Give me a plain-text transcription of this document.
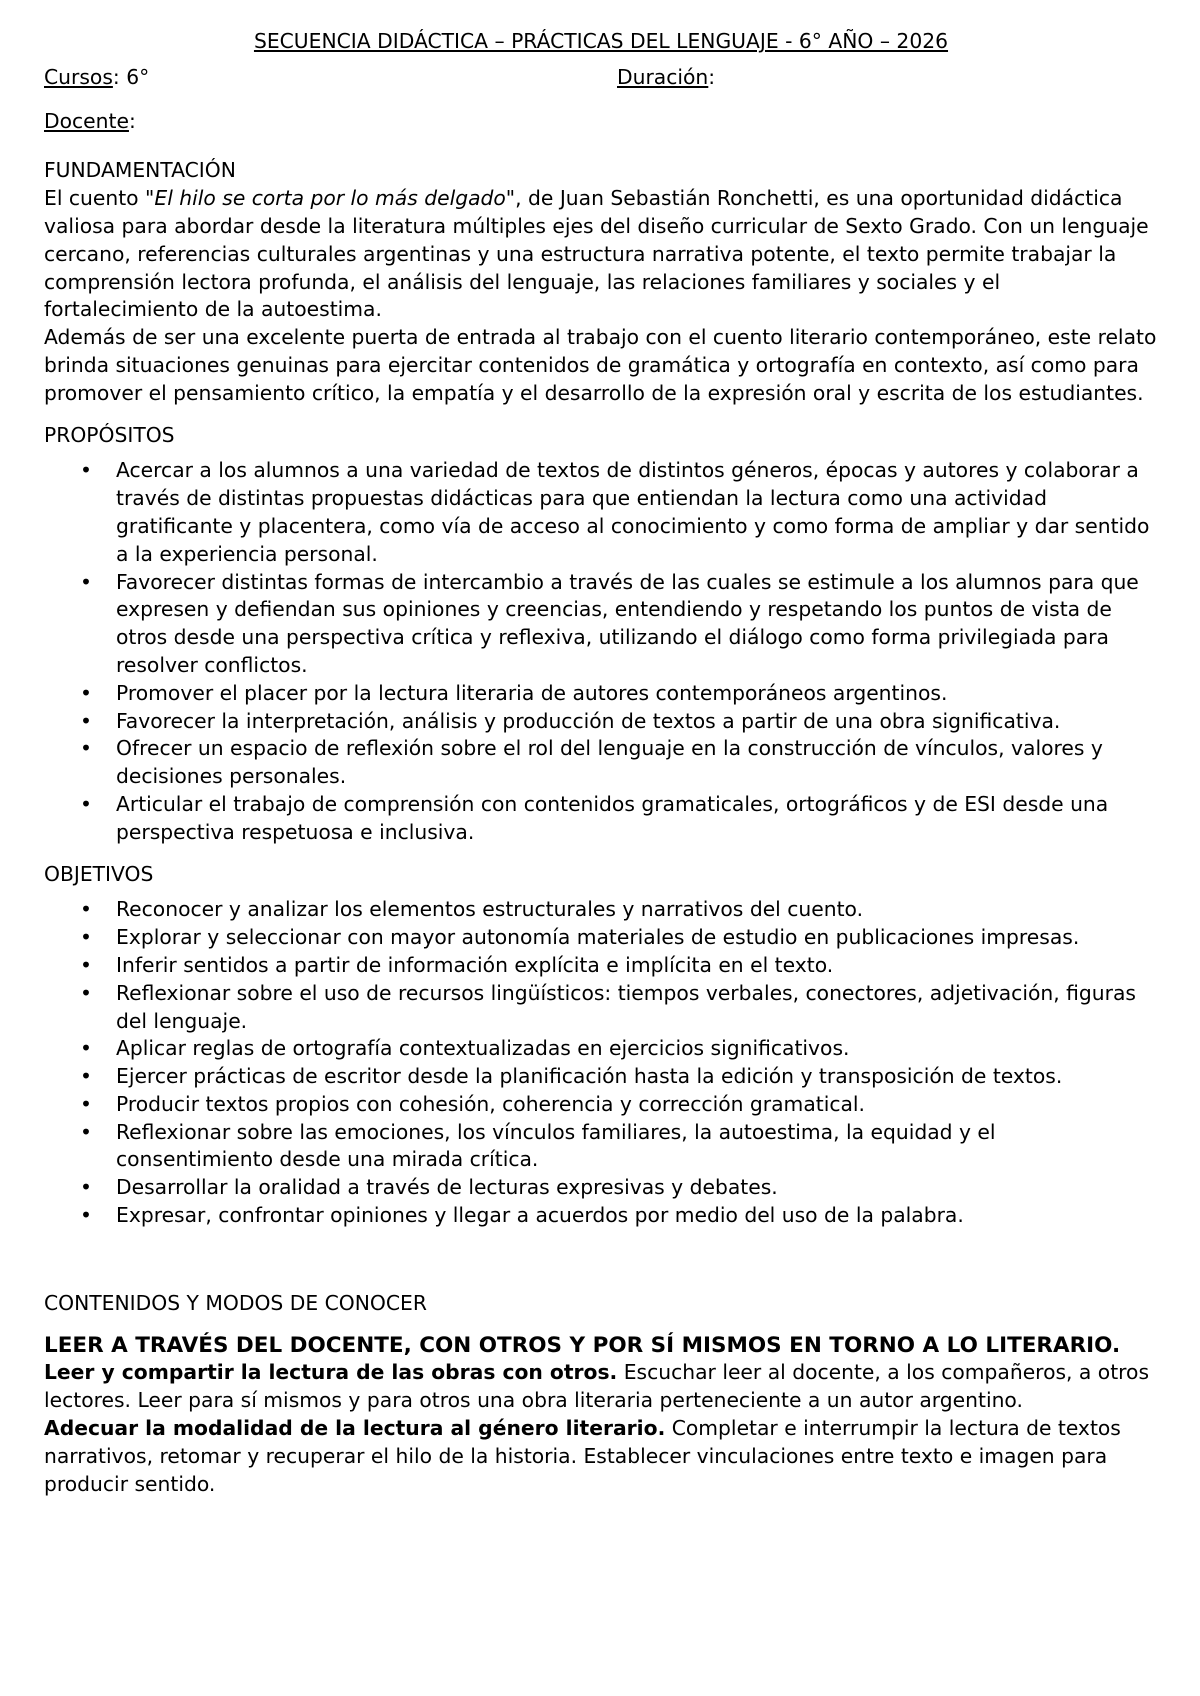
SECUENCIA DIDÁCTICA – PRÁCTICAS DEL LENGUAJE - 6° AÑO – 2026
Cursos: 6°	Duración:
Docente:
FUNDAMENTACIÓN

El cuento "El hilo se corta por lo más delgado", de Juan Sebastián Ronchetti, es una oportunidad didáctica valiosa para abordar desde la literatura múltiples ejes del diseño curricular de Sexto Grado. Con un lenguaje cercano, referencias culturales argentinas y una estructura narrativa potente, el texto permite trabajar la comprensión lectora profunda, el análisis del lenguaje, las relaciones familiares y sociales y el fortalecimiento de la autoestima.

Además de ser una excelente puerta de entrada al trabajo con el cuento literario contemporáneo, este relato brinda situaciones genuinas para ejercitar contenidos de gramática y ortografía en contexto, así como para promover el pensamiento crítico, la empatía y el desarrollo de la expresión oral y escrita de los estudiantes.

PROPÓSITOS
• Acercar a los alumnos a una variedad de textos de distintos géneros, épocas y autores y colaborar a través de distintas propuestas didácticas para que entiendan la lectura como una actividad gratificante y placentera, como vía de acceso al conocimiento y como forma de ampliar y dar sentido a la experiencia personal.
• Favorecer distintas formas de intercambio a través de las cuales se estimule a los alumnos para que expresen y defiendan sus opiniones y creencias, entendiendo y respetando los puntos de vista de otros desde una perspectiva crítica y reflexiva, utilizando el diálogo como forma privilegiada para resolver conflictos.
• Promover el placer por la lectura literaria de autores contemporáneos argentinos.
• Favorecer la interpretación, análisis y producción de textos a partir de una obra significativa.
• Ofrecer un espacio de reflexión sobre el rol del lenguaje en la construcción de vínculos, valores y decisiones personales.
• Articular el trabajo de comprensión con contenidos gramaticales, ortográficos y de ESI desde una perspectiva respetuosa e inclusiva.
OBJETIVOS
• Reconocer y analizar los elementos estructurales y narrativos del cuento.
• Explorar y seleccionar con mayor autonomía materiales de estudio en publicaciones impresas.
• Inferir sentidos a partir de información explícita e implícita en el texto.
• Reflexionar sobre el uso de recursos lingüísticos: tiempos verbales, conectores, adjetivación, figuras del lenguaje.
• Aplicar reglas de ortografía contextualizadas en ejercicios significativos.
• Ejercer prácticas de escritor desde la planificación hasta la edición y transposición de textos.
• Producir textos propios con cohesión, coherencia y corrección gramatical.
• Reflexionar sobre las emociones, los vínculos familiares, la autoestima, la equidad y el consentimiento desde una mirada crítica.
• Desarrollar la oralidad a través de lecturas expresivas y debates.
• Expresar, confrontar opiniones y llegar a acuerdos por medio del uso de la palabra.
CONTENIDOS Y MODOS DE CONOCER

LEER A TRAVÉS DEL DOCENTE, CON OTROS Y POR SÍ MISMOS EN TORNO A LO LITERARIO.

Leer y compartir la lectura de las obras con otros. Escuchar leer al docente, a los compañeros, a otros lectores. Leer para sí mismos y para otros una obra literaria perteneciente a un autor argentino.

Adecuar la modalidad de la lectura al género literario. Completar e interrumpir la lectura de textos narrativos, retomar y recuperar el hilo de la historia. Establecer vinculaciones entre texto e imagen para producir sentido.
